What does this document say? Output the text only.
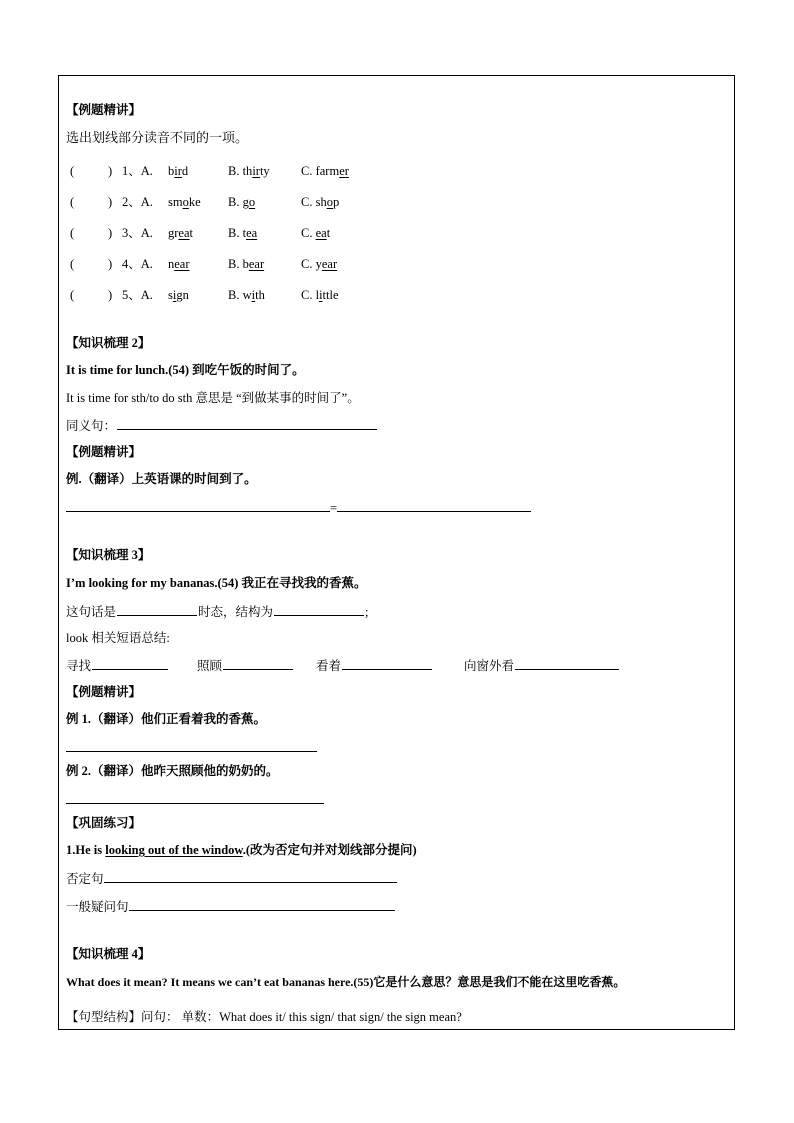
【例题精讲】
选出划线部分读音不同的一项。
(	) 1、A. bird	B. thirty	C. farmer
(	) 2、A. smoke B. go	C. shop
(	) 3、A. great	B. tea	C. eat
(	) 4、A. near	B. bear	C. year
(	) 5、A. sign	B. with	C. little
【知识梳理 2】
It is time for lunch.(54) 到吃午饭的时间了。
It is time for sth/to do sth 意思是 “到做某事的时间了”。
同义句：
【例题精讲】
例.（翻译）上英语课的时间到了。
=
【知识梳理 3】
I’m looking for my bananas.(54) 我正在寻找我的香蕉。
这句话是	时态，结构为	;
look 相关短语总结:
寻找	照顾	看着	向窗外看
【例题精讲】
例 1.（翻译）他们正看着我的香蕉。
例 2.（翻译）他昨天照顾他的奶奶的。
【巩固练习】
1.He is looking out of the window.(改为否定句并对划线部分提问)
否定句
一般疑问句
【知识梳理 4】
What does it mean? It means we can’t eat bananas here.(55)它是什么意思？意思是我们不能在这里吃香蕉。
【句型结构】问句： 单数：What does it/ this sign/ that sign/ the sign mean?
